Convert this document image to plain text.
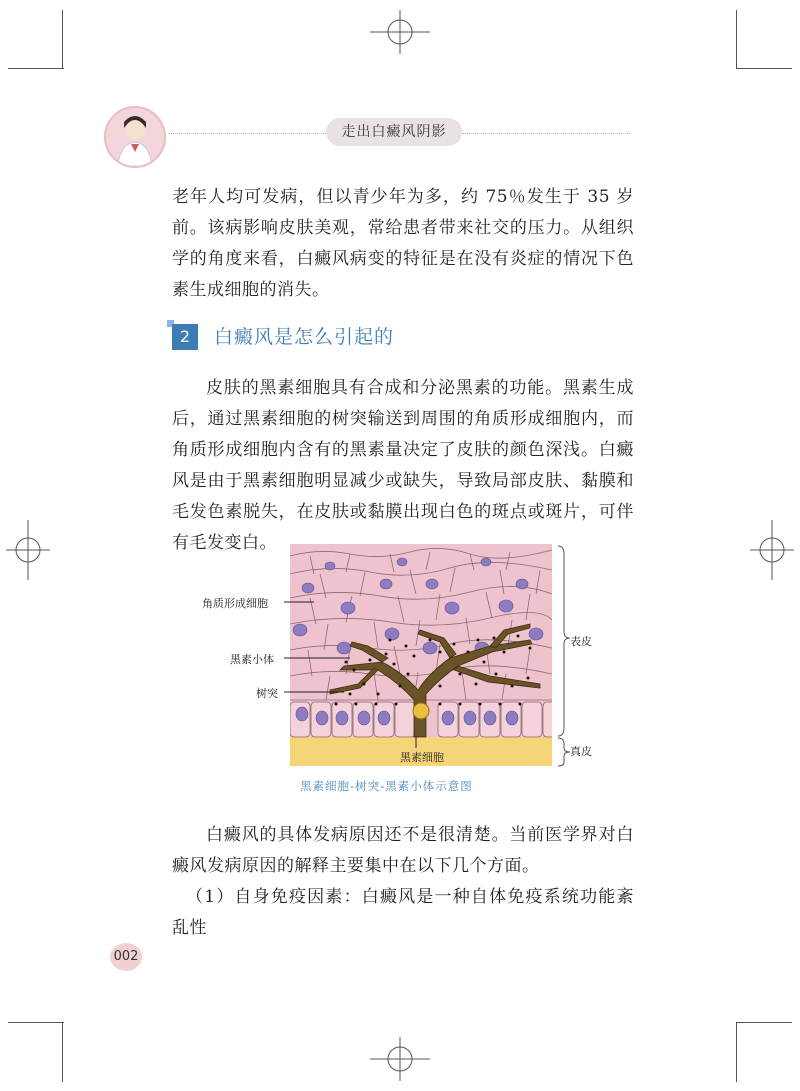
走出白癜风阴影
老年人均可发病，但以青少年为多，约 75％发生于 35 岁前。该病影响皮肤美观，常给患者带来社交的压力。从组织学的角度来看，白癜风病变的特征是在没有炎症的情况下色素生成细胞的消失。
2	白癜风是怎么引起的
皮肤的黑素细胞具有合成和分泌黑素的功能。黑素生成后，通过黑素细胞的树突输送到周围的角质形成细胞内，而角质形成细胞内含有的黑素量决定了皮肤的颜色深浅。白癜风是由于黑素细胞明显减少或缺失，导致局部皮肤、黏膜和毛发色素脱失，在皮肤或黏膜出现白色的斑点或斑片，可伴有毛发变白。
角质形成细胞
黑素小体
树突
黑素细胞
表皮
真皮
黑素细胞-树突-黑素小体示意图
白癜风的具体发病原因还不是很清楚。当前医学界对白癜风发病原因的解释主要集中在以下几个方面。
（1）自身免疫因素：白癜风是一种自体免疫系统功能紊乱性
002
